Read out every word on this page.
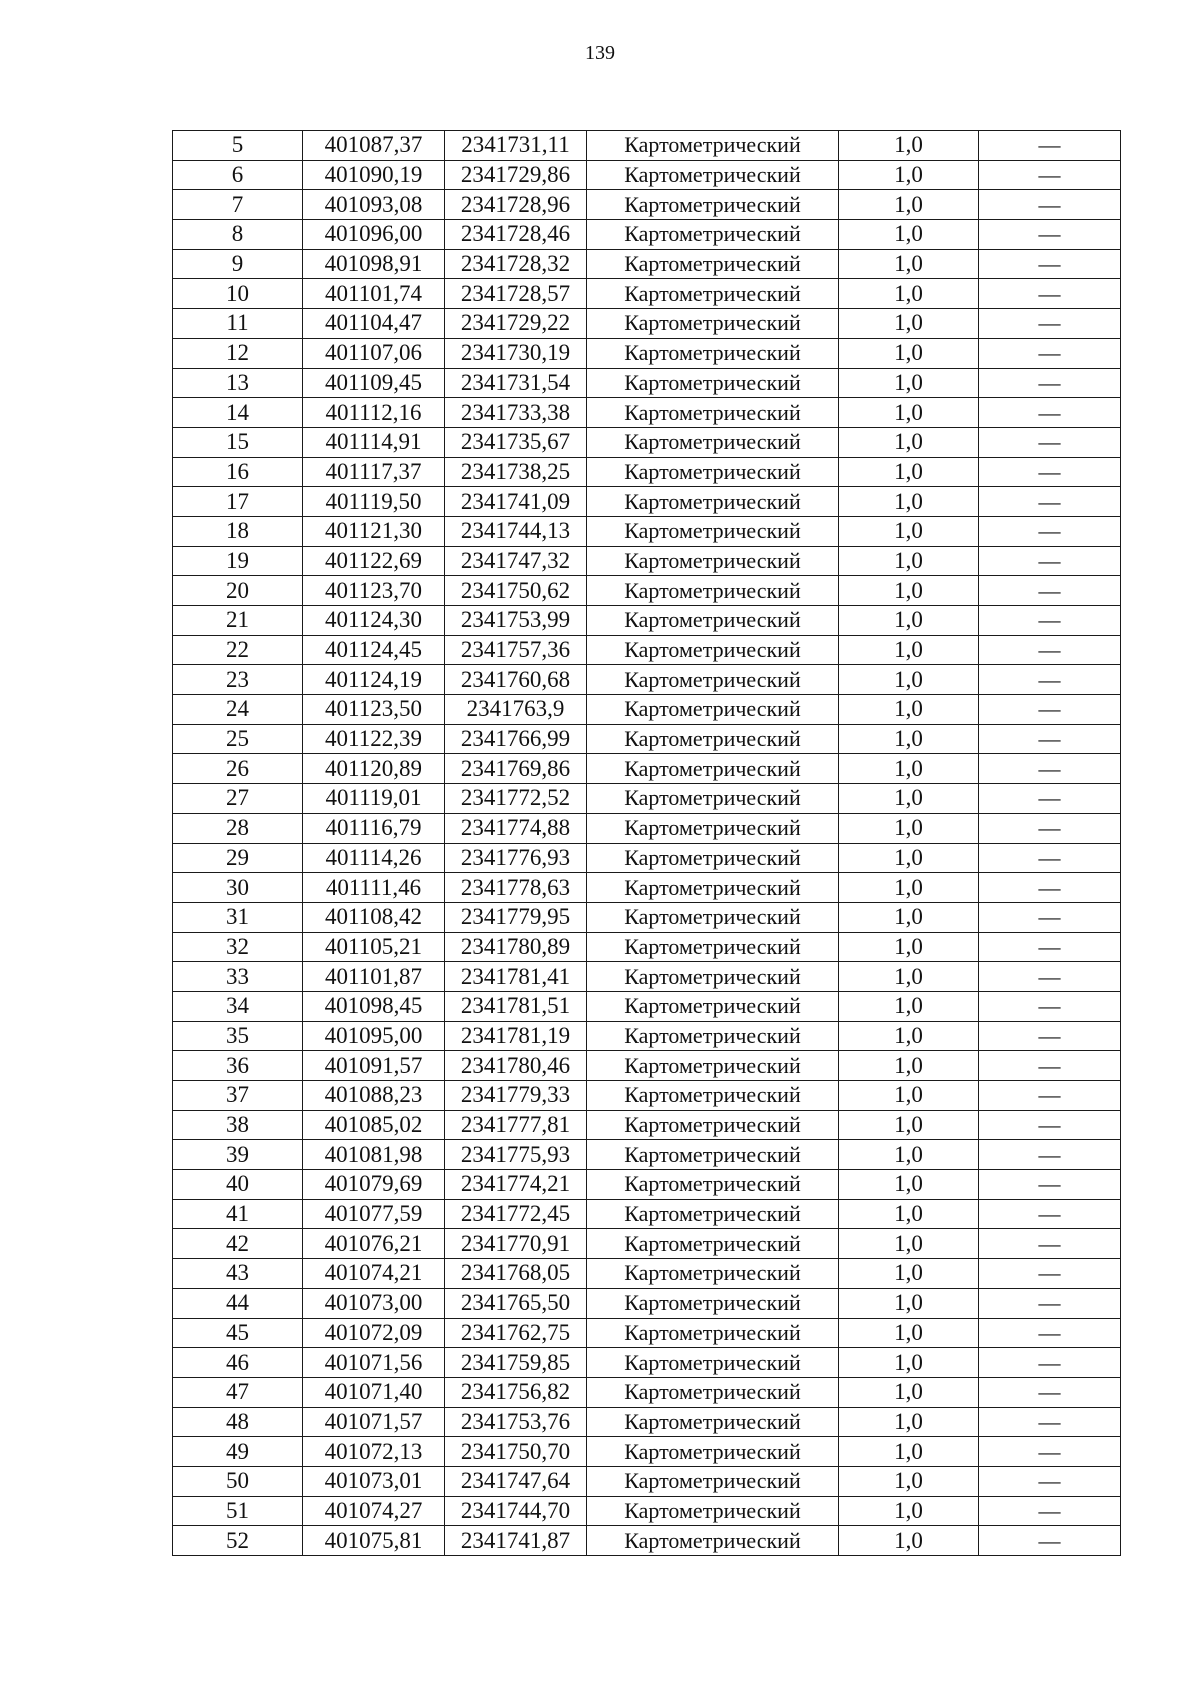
139
5	401087,37	2341731,11	Картометрический	1,0	—
6	401090,19	2341729,86	Картометрический	1,0	—
7	401093,08	2341728,96	Картометрический	1,0	—
8	401096,00	2341728,46	Картометрический	1,0	—
9	401098,91	2341728,32	Картометрический	1,0	—
10	401101,74	2341728,57	Картометрический	1,0	—
11	401104,47	2341729,22	Картометрический	1,0	—
12	401107,06	2341730,19	Картометрический	1,0	—
13	401109,45	2341731,54	Картометрический	1,0	—
14	401112,16	2341733,38	Картометрический	1,0	—
15	401114,91	2341735,67	Картометрический	1,0	—
16	401117,37	2341738,25	Картометрический	1,0	—
17	401119,50	2341741,09	Картометрический	1,0	—
18	401121,30	2341744,13	Картометрический	1,0	—
19	401122,69	2341747,32	Картометрический	1,0	—
20	401123,70	2341750,62	Картометрический	1,0	—
21	401124,30	2341753,99	Картометрический	1,0	—
22	401124,45	2341757,36	Картометрический	1,0	—
23	401124,19	2341760,68	Картометрический	1,0	—
24	401123,50	2341763,9	Картометрический	1,0	—
25	401122,39	2341766,99	Картометрический	1,0	—
26	401120,89	2341769,86	Картометрический	1,0	—
27	401119,01	2341772,52	Картометрический	1,0	—
28	401116,79	2341774,88	Картометрический	1,0	—
29	401114,26	2341776,93	Картометрический	1,0	—
30	401111,46	2341778,63	Картометрический	1,0	—
31	401108,42	2341779,95	Картометрический	1,0	—
32	401105,21	2341780,89	Картометрический	1,0	—
33	401101,87	2341781,41	Картометрический	1,0	—
34	401098,45	2341781,51	Картометрический	1,0	—
35	401095,00	2341781,19	Картометрический	1,0	—
36	401091,57	2341780,46	Картометрический	1,0	—
37	401088,23	2341779,33	Картометрический	1,0	—
38	401085,02	2341777,81	Картометрический	1,0	—
39	401081,98	2341775,93	Картометрический	1,0	—
40	401079,69	2341774,21	Картометрический	1,0	—
41	401077,59	2341772,45	Картометрический	1,0	—
42	401076,21	2341770,91	Картометрический	1,0	—
43	401074,21	2341768,05	Картометрический	1,0	—
44	401073,00	2341765,50	Картометрический	1,0	—
45	401072,09	2341762,75	Картометрический	1,0	—
46	401071,56	2341759,85	Картометрический	1,0	—
47	401071,40	2341756,82	Картометрический	1,0	—
48	401071,57	2341753,76	Картометрический	1,0	—
49	401072,13	2341750,70	Картометрический	1,0	—
50	401073,01	2341747,64	Картометрический	1,0	—
51	401074,27	2341744,70	Картометрический	1,0	—
52	401075,81	2341741,87	Картометрический	1,0	—
